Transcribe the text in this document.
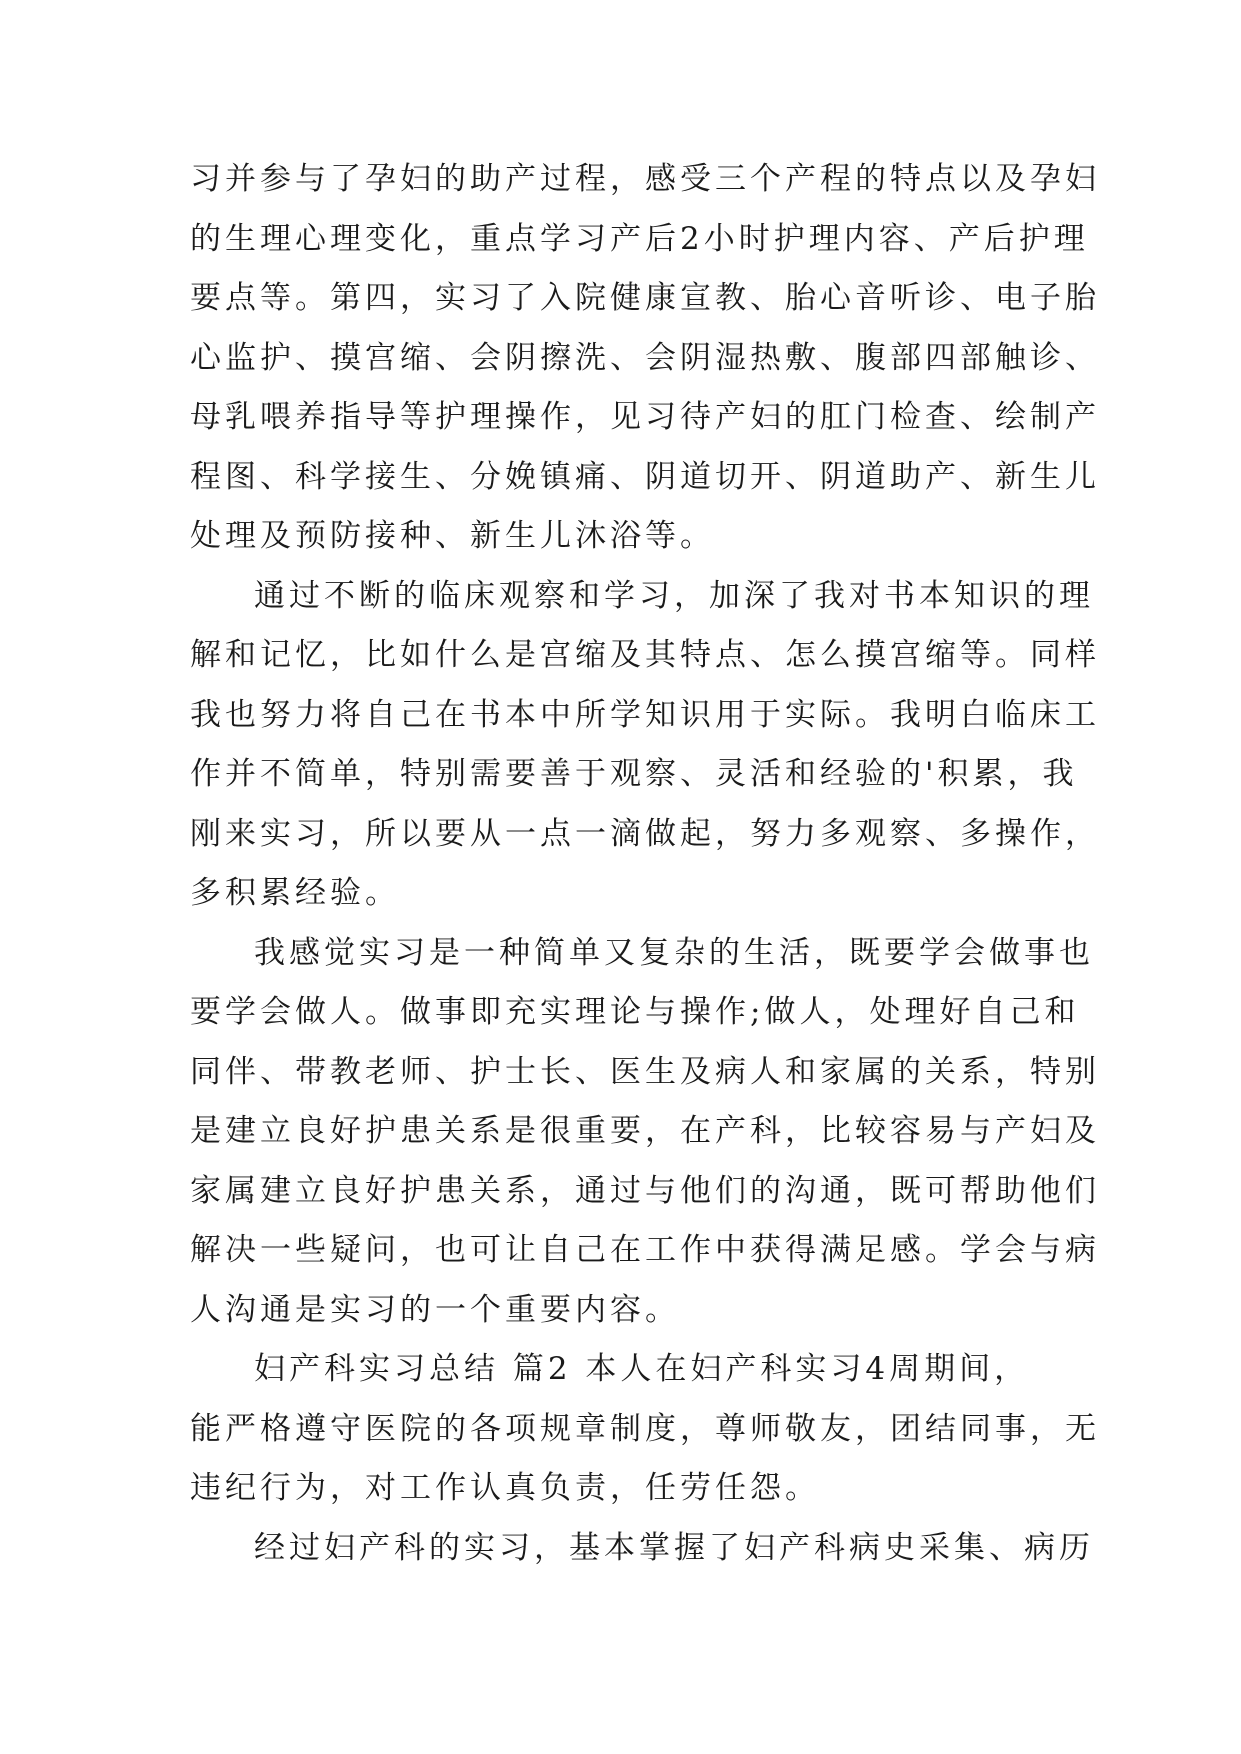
习并参与了孕妇的助产过程，感受三个产程的特点以及孕妇
的生理心理变化，重点学习产后2小时护理内容、产后护理
要点等。第四，实习了入院健康宣教、胎心音听诊、电子胎
心监护、摸宫缩、会阴擦洗、会阴湿热敷、腹部四部触诊、
母乳喂养指导等护理操作，见习待产妇的肛门检查、绘制产
程图、科学接生、分娩镇痛、阴道切开、阴道助产、新生儿
处理及预防接种、新生儿沐浴等。
通过不断的临床观察和学习，加深了我对书本知识的理
解和记忆，比如什么是宫缩及其特点、怎么摸宫缩等。同样
我也努力将自己在书本中所学知识用于实际。我明白临床工
作并不简单，特别需要善于观察、灵活和经验的'积累，我
刚来实习，所以要从一点一滴做起，努力多观察、多操作，
多积累经验。
我感觉实习是一种简单又复杂的生活，既要学会做事也
要学会做人。做事即充实理论与操作;做人，处理好自己和
同伴、带教老师、护士长、医生及病人和家属的关系，特别
是建立良好护患关系是很重要，在产科，比较容易与产妇及
家属建立良好护患关系，通过与他们的沟通，既可帮助他们
解决一些疑问，也可让自己在工作中获得满足感。学会与病
人沟通是实习的一个重要内容。
妇产科实习总结 篇2 本人在妇产科实习4周期间，
能严格遵守医院的各项规章制度，尊师敬友，团结同事，无
违纪行为，对工作认真负责，任劳任怨。
经过妇产科的实习，基本掌握了妇产科病史采集、病历
